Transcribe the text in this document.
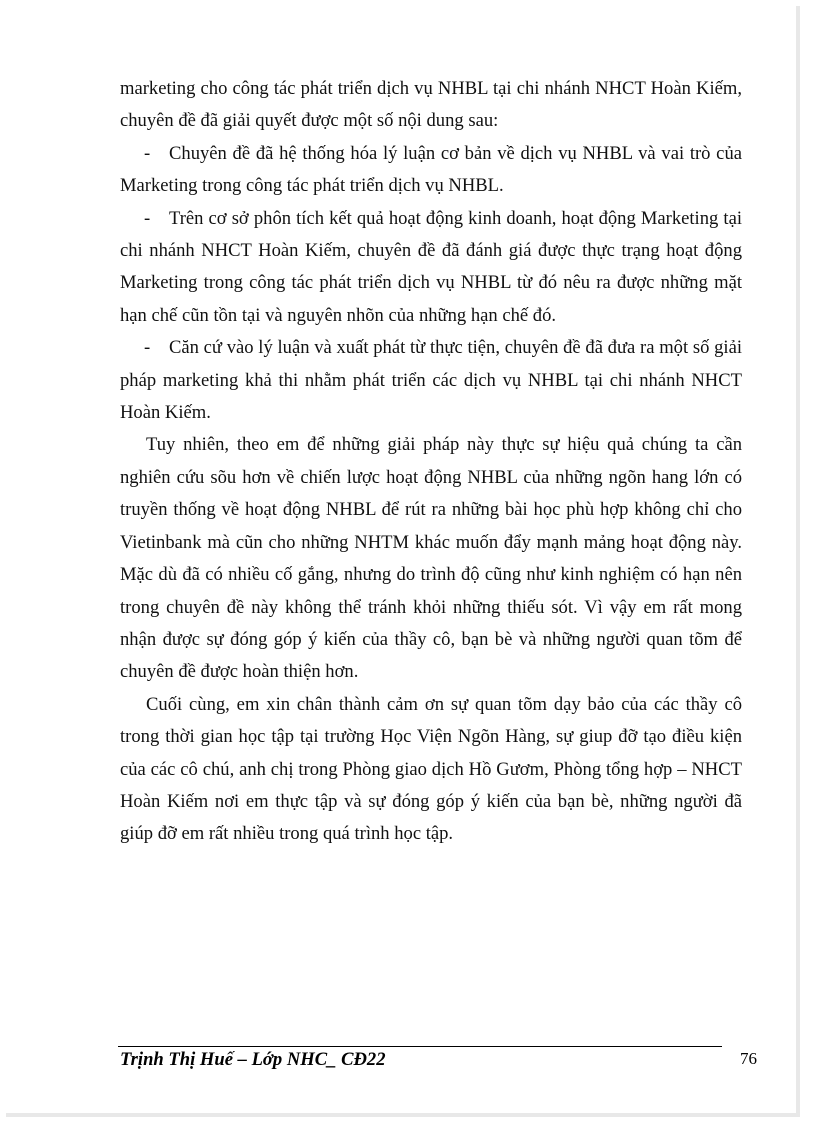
marketing cho công tác phát triển dịch vụ NHBL tại chi nhánh NHCT Hoàn Kiếm, chuyên đề đã giải quyết được một số nội dung sau:

- Chuyên đề đã hệ thống hóa lý luận cơ bản về dịch vụ NHBL và vai trò của Marketing trong công tác phát triển dịch vụ NHBL.

- Trên cơ sở phôn tích kết quả hoạt động kinh doanh, hoạt động Marketing tại chi nhánh NHCT Hoàn Kiếm, chuyên đề đã đánh giá được thực trạng hoạt động Marketing trong công tác phát triển dịch vụ NHBL từ đó nêu ra được những mặt hạn chế cũn tồn tại và nguyên nhõn của những hạn chế đó.

- Căn cứ vào lý luận và xuất phát từ thực tiện, chuyên đề đã đưa ra một số giải pháp marketing khả thi nhằm phát triển các dịch vụ NHBL tại chi nhánh NHCT Hoàn Kiếm.

Tuy nhiên, theo em để những giải pháp này thực sự hiệu quả chúng ta cần nghiên cứu sõu hơn về chiến lược hoạt động NHBL của những ngõn hang lớn có truyền thống về hoạt động NHBL để rút ra những bài học phù hợp không chỉ cho Vietinbank mà cũn cho những NHTM khác muốn đẩy mạnh mảng hoạt động này. Mặc dù đã có nhiều cố gắng, nhưng do trình độ cũng như kinh nghiệm có hạn nên trong chuyên đề này không thể tránh khỏi những thiếu sót. Vì vậy em rất mong nhận được sự đóng góp ý kiến của thầy cô, bạn bè và những người quan tõm để chuyên đề được hoàn thiện hơn.

Cuối cùng, em xin chân thành cảm ơn sự quan tõm dạy bảo của các thầy cô trong thời gian học tập tại trường Học Viện Ngõn Hàng, sự giup đỡ tạo điều kiện của các cô chú, anh chị trong Phòng giao dịch Hồ Gươm, Phòng tổng hợp – NHCT Hoàn Kiếm nơi em thực tập và sự đóng góp ý kiến của bạn bè, những người đã giúp đỡ em rất nhiều trong quá trình học tập.

Trịnh Thị Huế – Lớp NHC_ CĐ22	76
